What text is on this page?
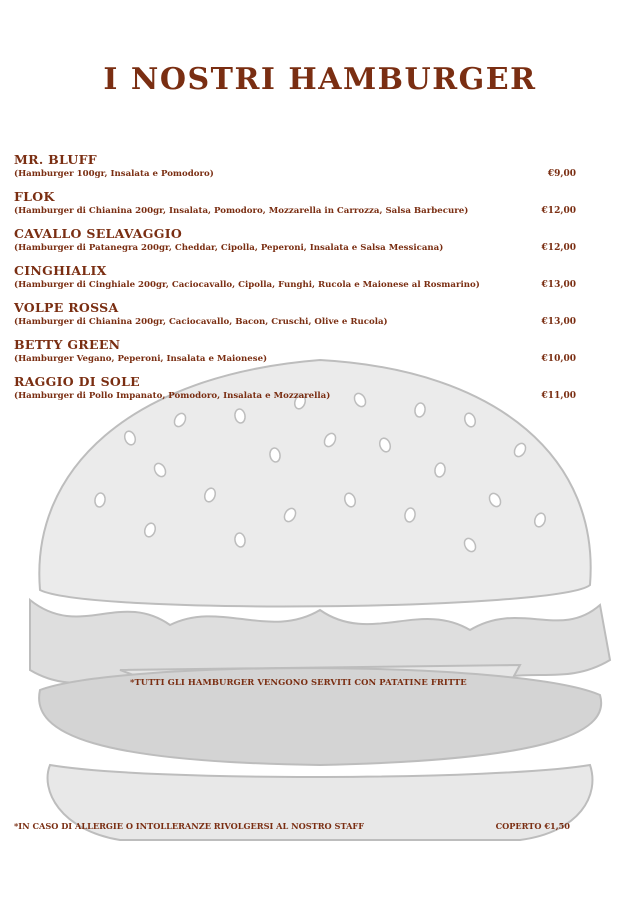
I NOSTRI HAMBURGER
MR. BLUFF
(Hamburger 100gr, Insalata e Pomodoro)	€9,00
FLOK
(Hamburger di Chianina 200gr, Insalata, Pomodoro, Mozzarella in Carrozza, Salsa Barbecure)	€12,00
CAVALLO SELAVAGGIO
(Hamburger di Patanegra 200gr, Cheddar, Cipolla, Peperoni, Insalata e Salsa Messicana)	€12,00
CINGHIALIX
(Hamburger di Cinghiale 200gr, Caciocavallo, Cipolla, Funghi, Rucola e Maionese al Rosmarino)	€13,00
VOLPE ROSSA
(Hamburger di Chianina 200gr, Caciocavallo, Bacon, Cruschi, Olive e Rucola)	€13,00
BETTY GREEN
(Hamburger Vegano, Peperoni, Insalata e Maionese)	€10,00
RAGGIO DI SOLE
(Hamburger di Pollo Impanato, Pomodoro, Insalata e Mozzarella)	€11,00
*TUTTI GLI HAMBURGER VENGONO SERVITI CON PATATINE FRITTE
*IN CASO DI ALLERGIE O INTOLLERANZE RIVOLGERSI AL NOSTRO STAFF	COPERTO €1,50
